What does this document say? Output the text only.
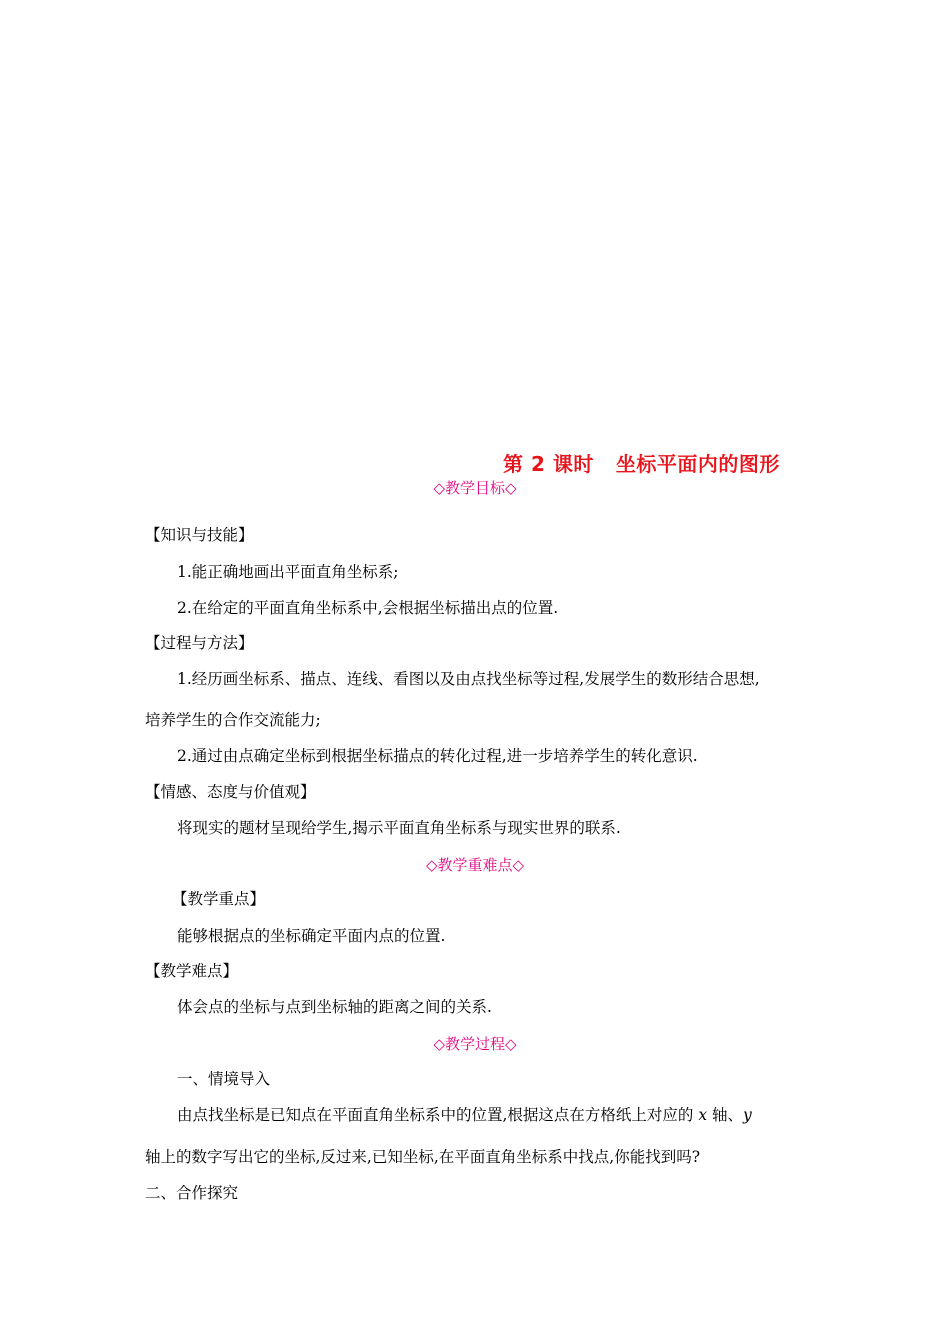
第 2 课时 坐标平面内的图形
◇教学目标◇
【知识与技能】
1.能正确地画出平面直角坐标系;
2.在给定的平面直角坐标系中,会根据坐标描出点的位置.
【过程与方法】
1.经历画坐标系、描点、连线、看图以及由点找坐标等过程,发展学生的数形结合思想,
培养学生的合作交流能力;
2.通过由点确定坐标到根据坐标描点的转化过程,进一步培养学生的转化意识.
【情感、态度与价值观】
将现实的题材呈现给学生,揭示平面直角坐标系与现实世界的联系.
◇教学重难点◇
【教学重点】
能够根据点的坐标确定平面内点的位置.
【教学难点】
体会点的坐标与点到坐标轴的距离之间的关系.
◇教学过程◇
一、情境导入
由点找坐标是已知点在平面直角坐标系中的位置,根据这点在方格纸上对应的 x 轴、y
轴上的数字写出它的坐标,反过来,已知坐标,在平面直角坐标系中找点,你能找到吗?
二、合作探究
